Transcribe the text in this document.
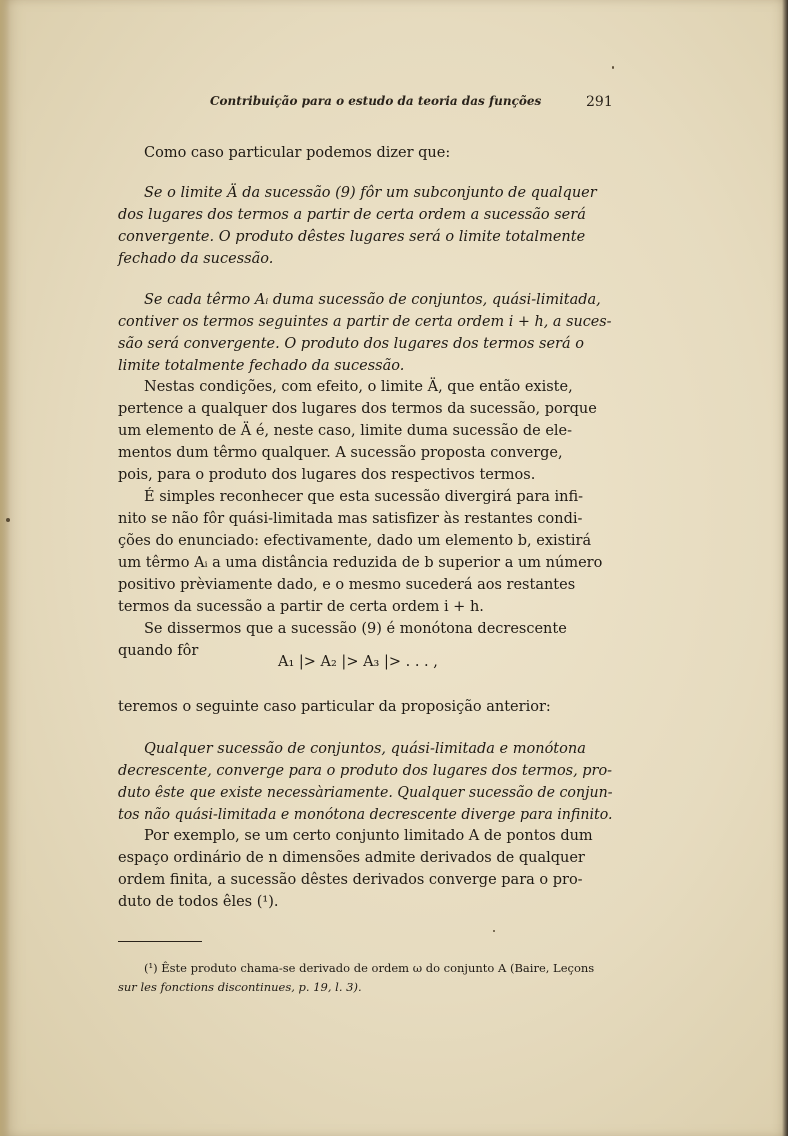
Contribuição para o estudo da teoria das funções	291
Como caso particular podemos dizer que:
Se o limite Ä da sucessão (9) fôr um subconjunto de qualquer
dos lugares dos termos a partir de certa ordem a sucessão será
convergente. O produto dêstes lugares será o limite totalmente
fechado da sucessão.
Se cada têrmo Aᵢ duma sucessão de conjuntos, quási-limitada,
contiver os termos seguintes a partir de certa ordem i + h, a suces-
são será convergente. O produto dos lugares dos termos será o
limite totalmente fechado da sucessão.
Nestas condições, com efeito, o limite Ä, que então existe,
pertence a qualquer dos lugares dos termos da sucessão, porque
um elemento de Ä é, neste caso, limite duma sucessão de ele-
mentos dum têrmo qualquer. A sucessão proposta converge,
pois, para o produto dos lugares dos respectivos termos.
É simples reconhecer que esta sucessão divergirá para infi-
nito se não fôr quási-limitada mas satisfizer às restantes condi-
ções do enunciado: efectivamente, dado um elemento b, existirá
um têrmo Aᵢ a uma distância reduzida de b superior a um número
positivo prèviamente dado, e o mesmo sucederá aos restantes
termos da sucessão a partir de certa ordem i + h.
Se dissermos que a sucessão (9) é monótona decrescente
quando fôr
A₁ |> A₂ |> A₃ |> . . . ,
teremos o seguinte caso particular da proposição anterior:
Qualquer sucessão de conjuntos, quási-limitada e monótona
decrescente, converge para o produto dos lugares dos termos, pro-
duto êste que existe necessàriamente. Qualquer sucessão de conjun-
tos não quási-limitada e monótona decrescente diverge para infinito.
Por exemplo, se um certo conjunto limitado A de pontos dum
espaço ordinário de n dimensões admite derivados de qualquer
ordem finita, a sucessão dêstes derivados converge para o pro-
duto de todos êles (¹).
(¹) Êste produto chama-se derivado de ordem ω do conjunto A (Baire, Leçons
sur les fonctions discontinues, p. 19, l. 3).
